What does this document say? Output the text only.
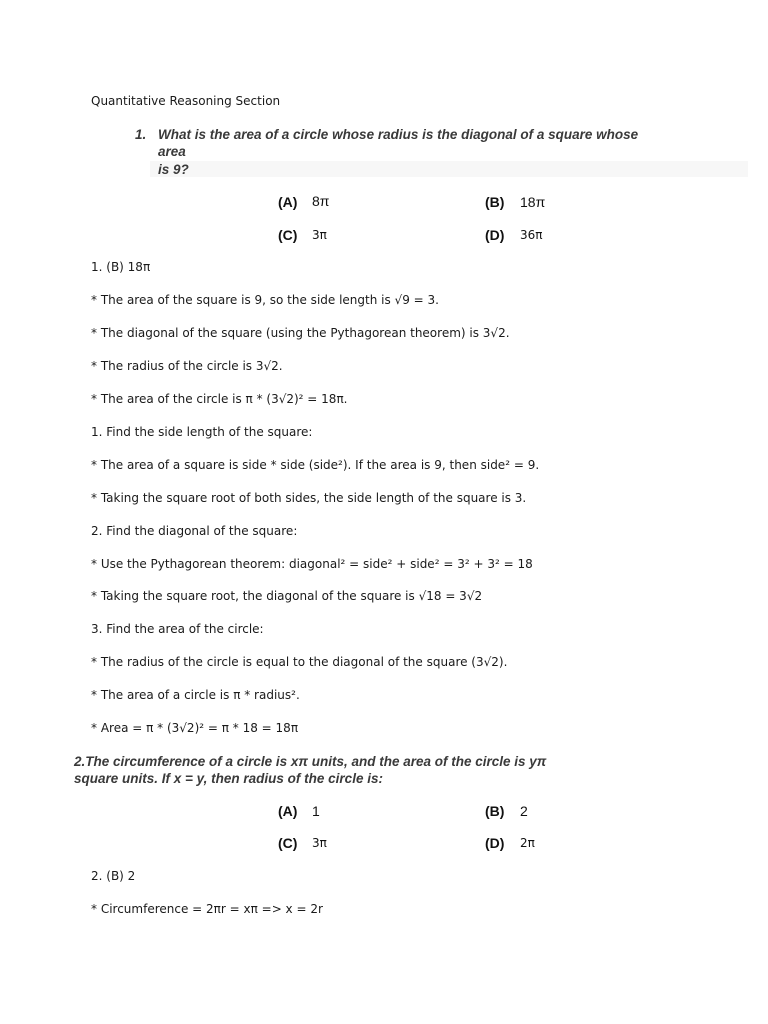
Quantitative Reasoning Section
1. What is the area of a circle whose radius is the diagonal of a square whose
area
is 9?
(A) 8π	(B) 18π
(C) 3π	(D) 36π
1. (B) 18π
* The area of the square is 9, so the side length is √9 = 3.
* The diagonal of the square (using the Pythagorean theorem) is 3√2.
* The radius of the circle is 3√2.
* The area of the circle is π * (3√2)² = 18π.
1. Find the side length of the square:
* The area of a square is side * side (side²). If the area is 9, then side² = 9.
* Taking the square root of both sides, the side length of the square is 3.
2. Find the diagonal of the square:
* Use the Pythagorean theorem: diagonal² = side² + side² = 3² + 3² = 18
* Taking the square root, the diagonal of the square is √18 = 3√2
3. Find the area of the circle:
* The radius of the circle is equal to the diagonal of the square (3√2).
* The area of a circle is π * radius².
* Area = π * (3√2)² = π * 18 = 18π
2.The circumference of a circle is xπ units, and the area of the circle is yπ
square units. If x = y, then radius of the circle is:
(A) 1	(B) 2
(C) 3π	(D) 2π
2. (B) 2
* Circumference = 2πr = xπ => x = 2r
